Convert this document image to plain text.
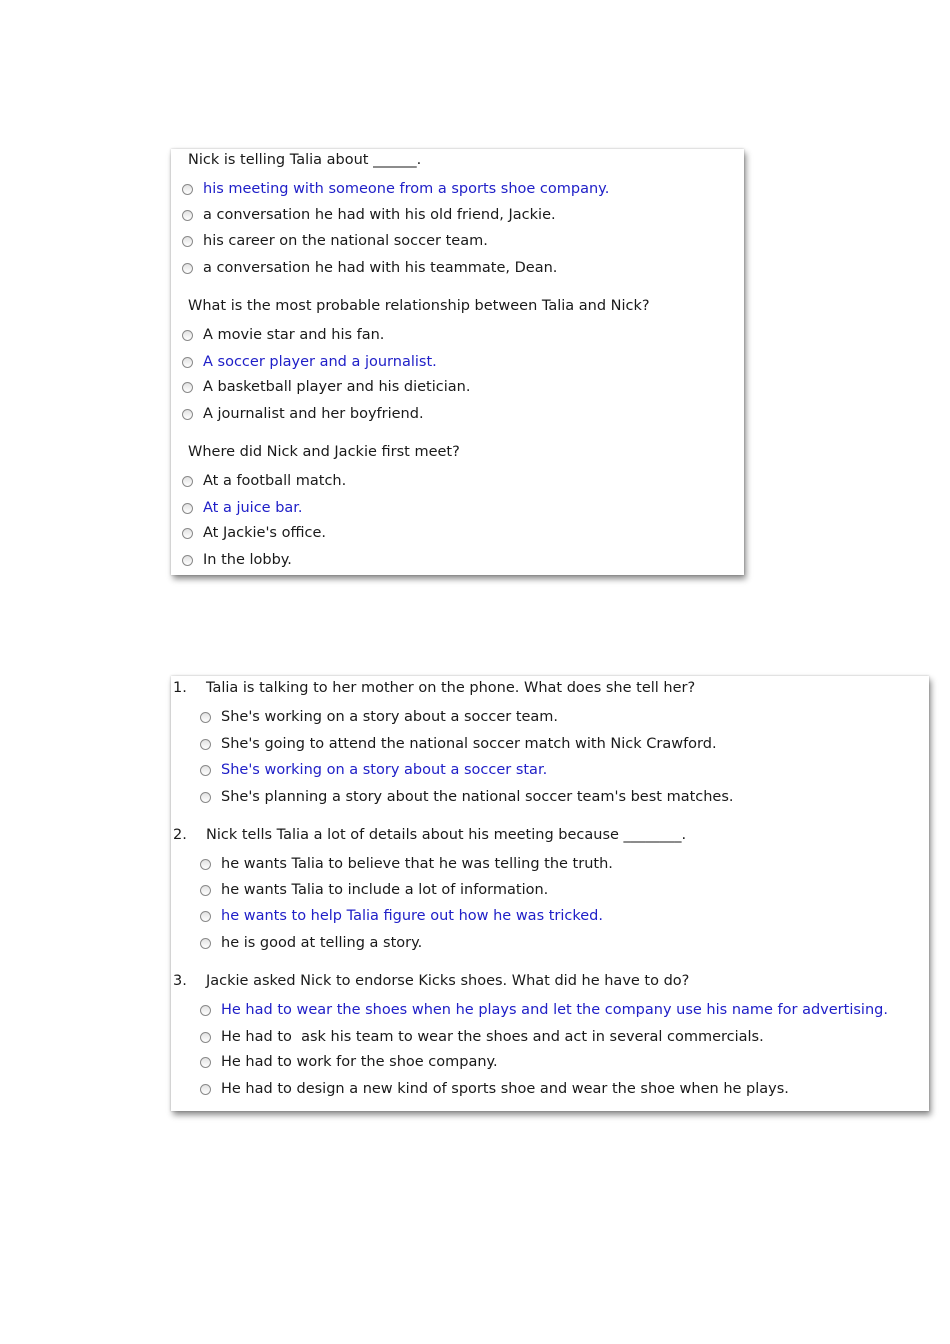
Nick is telling Talia about ______.
his meeting with someone from a sports shoe company.
a conversation he had with his old friend, Jackie.
his career on the national soccer team.
a conversation he had with his teammate, Dean.
What is the most probable relationship between Talia and Nick?
A movie star and his fan.
A soccer player and a journalist.
A basketball player and his dietician.
A journalist and her boyfriend.
Where did Nick and Jackie first meet?
At a football match.
At a juice bar.
At Jackie's office.
In the lobby.
1. Talia is talking to her mother on the phone. What does she tell her?
She's working on a story about a soccer team.
She's going to attend the national soccer match with Nick Crawford.
She's working on a story about a soccer star.
She's planning a story about the national soccer team's best matches.
2. Nick tells Talia a lot of details about his meeting because ________.
he wants Talia to believe that he was telling the truth.
he wants Talia to include a lot of information.
he wants to help Talia figure out how he was tricked.
he is good at telling a story.
3. Jackie asked Nick to endorse Kicks shoes. What did he have to do?
He had to wear the shoes when he plays and let the company use his name for advertising.
He had to  ask his team to wear the shoes and act in several commercials.
He had to work for the shoe company.
He had to design a new kind of sports shoe and wear the shoe when he plays.
